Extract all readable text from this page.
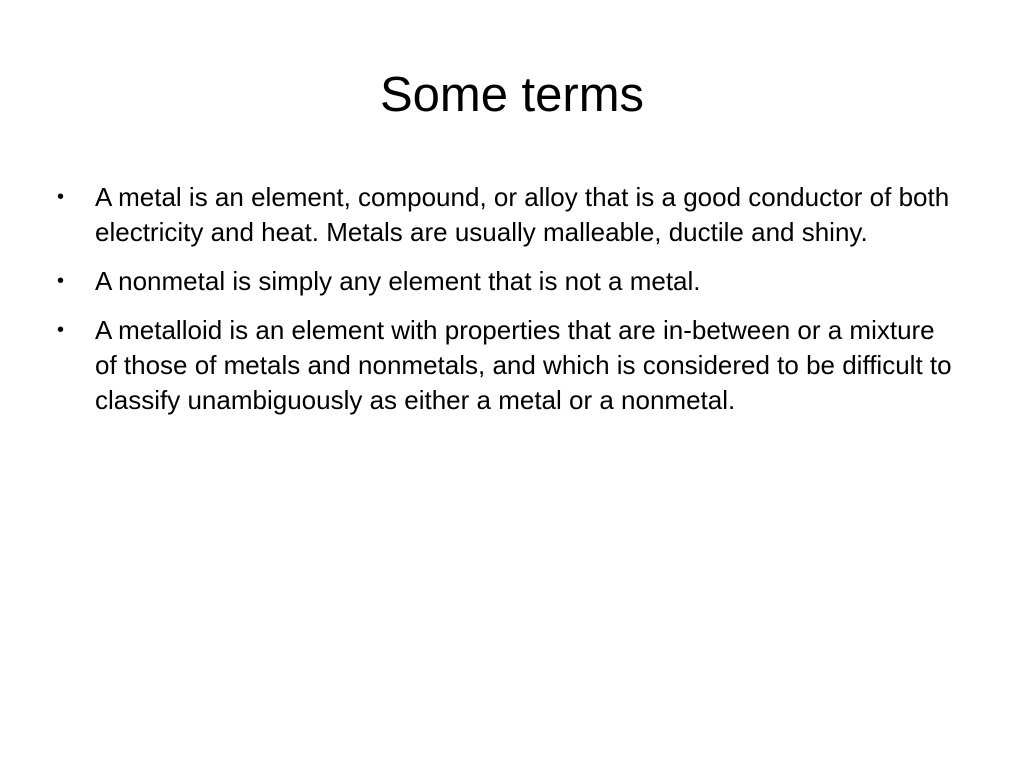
Some terms
•	A metal is an element, compound, or alloy that is a good conductor of both electricity and heat. Metals are usually malleable, ductile and shiny.
•	A nonmetal is simply any element that is not a metal.
•	A metalloid is an element with properties that are in-between or a mixture of those of metals and nonmetals, and which is considered to be difficult to classify unambiguously as either a metal or a nonmetal.
